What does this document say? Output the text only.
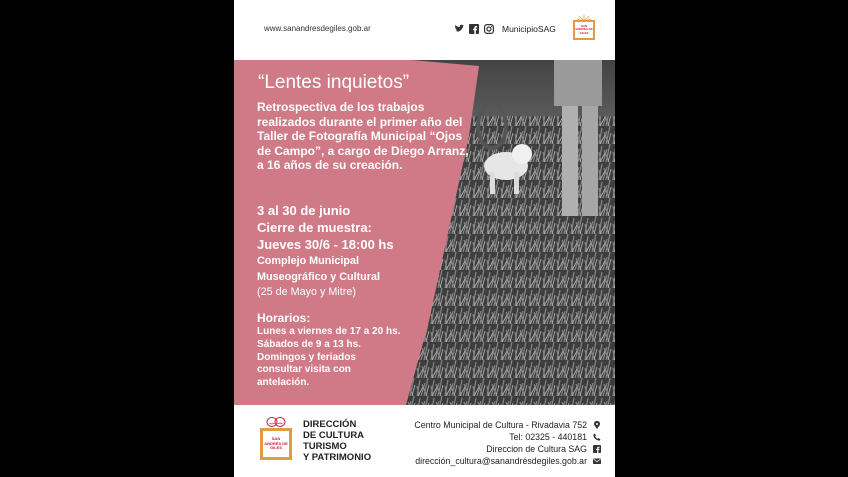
www.sanandresdegiles.gob.ar	MunicipioSAG	SAN ANDRÉS DE GILES
“Lentes inquietos”
Retrospectiva de los trabajos realizados durante el primer año del Taller de Fotografía Municipal “Ojos de Campo”, a cargo de Diego Arranz, a 16 años de su creación.
3 al 30 de junio
Cierre de muestra:
Jueves 30/6 - 18:00 hs
Complejo Municipal
Museográfico y Cultural
(25 de Mayo y Mitre)
Horarios:
Lunes a viernes de 17 a 20 hs.
Sábados de 9 a 13 hs.
Domingos y feriados
consultar visita con
antelación.
SAN ANDRÉS DE GILES
DIRECCIÓN
DE CULTURA
TURISMO
Y PATRIMONIO
Centro Municipal de Cultura - Rivadavia 752
Tel: 02325 - 440181
Direccion de Cultura SAG
dirección_cultura@sanandrésdegiles.gob.ar
